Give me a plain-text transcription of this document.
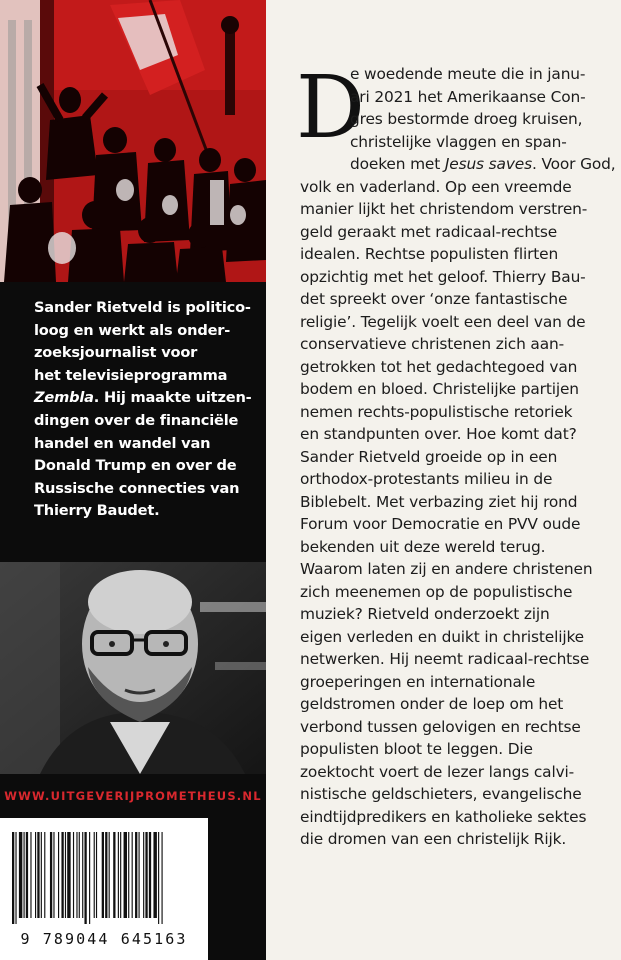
Sander Rietveld is politico-
loog en werkt als onder-
zoeksjournalist voor
het televisieprogramma
Zembla. Hij maakte uitzen-
dingen over de financiële
handel en wandel van
Donald Trump en over de
Russische connecties van
Thierry Baudet.
WWW.UITGEVERIJPROMETHEUS.NL
9 789044 645163
D
e woedende meute die in janu-
ari 2021 het Amerikaanse Con-
gres bestormde droeg kruisen,
christelijke vlaggen en span-
doeken met Jesus saves. Voor God,
volk en vaderland. Op een vreemde
manier lijkt het christendom verstren-
geld geraakt met radicaal-rechtse
idealen. Rechtse populisten flirten
opzichtig met het geloof. Thierry Bau-
det spreekt over ‘onze fantastische
religie’. Tegelijk voelt een deel van de
conservatieve christenen zich aan-
getrokken tot het gedachtegoed van
bodem en bloed. Christelijke partijen
nemen rechts-populistische retoriek
en standpunten over. Hoe komt dat?
Sander Rietveld groeide op in een
orthodox-protestants milieu in de
Biblebelt. Met verbazing ziet hij rond
Forum voor Democratie en PVV oude
bekenden uit deze wereld terug.
Waarom laten zij en andere christenen
zich meenemen op de populistische
muziek? Rietveld onderzoekt zijn
eigen verleden en duikt in christelijke
netwerken. Hij neemt radicaal-rechtse
groeperingen en internationale
geldstromen onder de loep om het
verbond tussen gelovigen en rechtse
populisten bloot te leggen. Die
zoektocht voert de lezer langs calvi-
nistische geldschieters, evangelische
eindtijdpredikers en katholieke sektes
die dromen van een christelijk Rijk.
